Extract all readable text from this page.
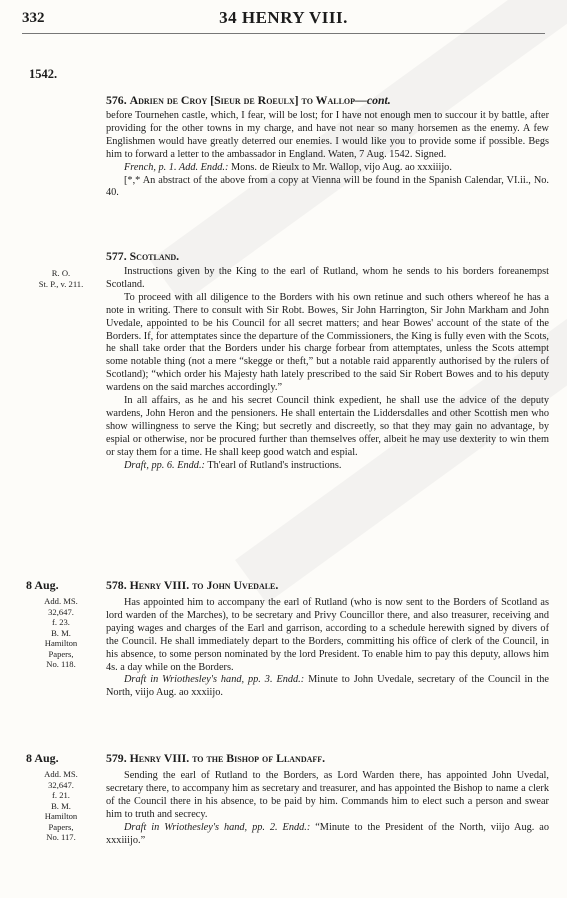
332	34 HENRY VIII.
1542.
576. Adrien de Croy [Sieur de Roeulx] to Wallop—cont.

before Tournehen castle, which, I fear, will be lost; for I have not enough men to succour it by battle, after providing for the other towns in my charge, and have not near so many horsemen as the enemy. A few Englishmen would have greatly deterred our enemies. I would like you to provide some if possible. Begs him to forward a letter to the ambassador in England. Waten, 7 Aug. 1542. Signed.

French, p. 1. Add. Endd.: Mons. de Rieulx to Mr. Wallop, vijo Aug. ao xxxiiijo.

[*,* An abstract of the above from a copy at Vienna will be found in the Spanish Calendar, VI.ii., No. 40.

577. Scotland.
R. O.
St. P., v. 211.

Instructions given by the King to the earl of Rutland, whom he sends to his borders foreanempst Scotland.

To proceed with all diligence to the Borders with his own retinue and such others whereof he has a note in writing. There to consult with Sir Robt. Bowes, Sir John Harrington, Sir John Markham and John Uvedale, appointed to be his Council for all secret matters; and hear Bowes' account of the state of the Borders. If, for attemptates since the departure of the Commissioners, the King is fully even with the Scots, he shall take order that the Borders under his charge forbear from attemptates, unless the Scots attempt some notable thing (not a mere “skegge or theft,” but a notable raid apparently authorised by the rulers of Scotland); “which order his Majesty hath lately prescribed to the said Sir Robert Bowes and to his deputy wardens on the said marches accordingly.”

In all affairs, as he and his secret Council think expedient, he shall use the advice of the deputy wardens, John Heron and the pensioners. He shall entertain the Liddersdalles and other Scottish men who show willingness to serve the King; but secretly and discreetly, so that they may gain no advantage, by espial or otherwise, nor be procured further than themselves offer, albeit he may use dexterity to win them or stay them for a time. He shall keep good watch and espial.

Draft, pp. 6. Endd.: Th'earl of Rutland's instructions.

8 Aug.	578. Henry VIII. to John Uvedale.
Add. MS.
32,647.
f. 23.
B. M.
Hamilton
Papers,
No. 118.

Has appointed him to accompany the earl of Rutland (who is now sent to the Borders of Scotland as lord warden of the Marches), to be secretary and Privy Councillor there, and also treasurer, receiving and paying wages and charges of the Earl and garrison, according to a schedule herewith signed by divers of the Council. He shall immediately depart to the Borders, committing his office of clerk of the Council, in his absence, to some person nominated by the lord President. To enable him to pay this deputy, allows him 4s. a day while on the Borders.

Draft in Wriothesley's hand, pp. 3. Endd.: Minute to John Uvedale, secretary of the Council in the North, viijo Aug. ao xxxiijo.

8 Aug.	579. Henry VIII. to the Bishop of Llandaff.
Add. MS.
32,647.
f. 21.
B. M.
Hamilton
Papers,
No. 117.

Sending the earl of Rutland to the Borders, as Lord Warden there, has appointed John Uvedal, secretary there, to accompany him as secretary and treasurer, and has appointed the Bishop to name a clerk of the Council there in his absence, to be paid by him. Commands him to elect such a person and swear him to truth and secrecy.

Draft in Wriothesley's hand, pp. 2. Endd.: “Minute to the President of the North, viijo Aug. ao xxxiiijo.”
